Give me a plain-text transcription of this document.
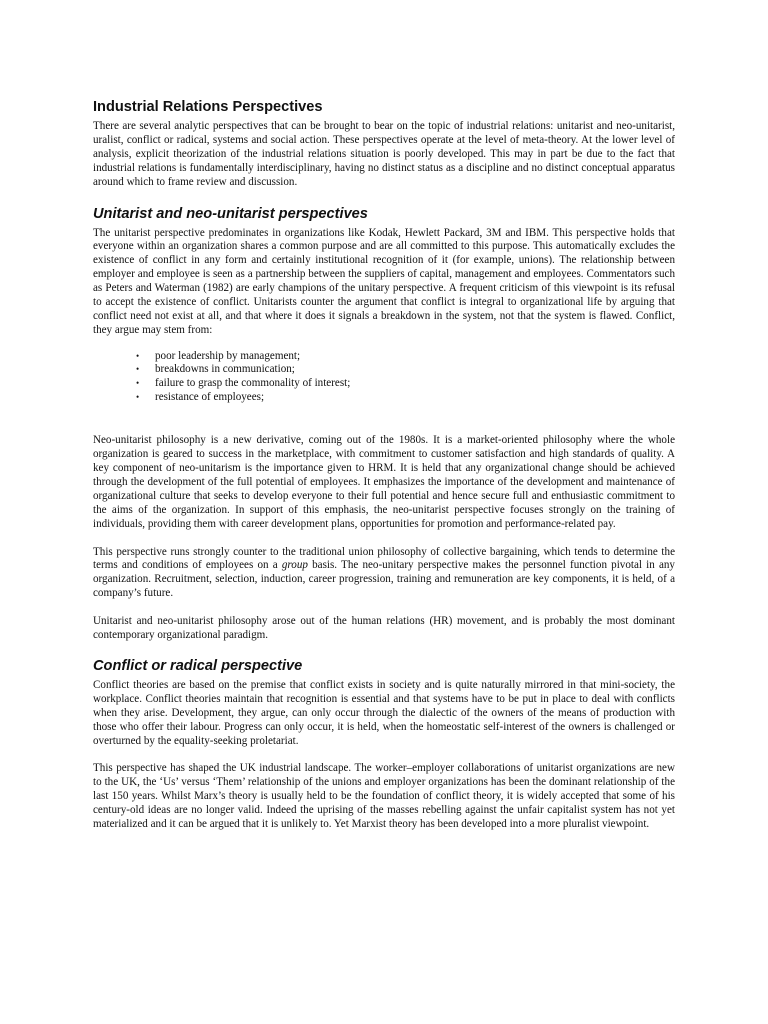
Industrial Relations Perspectives

There are several analytic perspectives that can be brought to bear on the topic of industrial relations: unitarist and neo-unitarist, uralist, conflict or radical, systems and social action. These perspectives operate at the level of meta-theory. At the lower level of analysis, explicit theorization of the industrial relations situation is poorly developed. This may in part be due to the fact that industrial relations is fundamentally interdisciplinary, having no distinct status as a discipline and no distinct conceptual apparatus around which to frame review and discussion.

Unitarist and neo-unitarist perspectives

The unitarist perspective predominates in organizations like Kodak, Hewlett Packard, 3M and IBM. This perspective holds that everyone within an organization shares a common purpose and are all committed to this purpose. This automatically excludes the existence of conflict in any form and certainly institutional recognition of it (for example, unions). The relationship between employer and employee is seen as a partnership between the suppliers of capital, management and employees. Commentators such as Peters and Waterman (1982) are early champions of the unitary perspective. A frequent criticism of this viewpoint is its refusal to accept the existence of conflict. Unitarists counter the argument that conflict is integral to organizational life by arguing that conflict need not exist at all, and that where it does it signals a breakdown in the system, not that the system is flawed. Conflict, they argue may stem from:

• poor leadership by management;
• breakdowns in communication;
• failure to grasp the commonality of interest;
• resistance of employees;

Neo-unitarist philosophy is a new derivative, coming out of the 1980s. It is a market-oriented philosophy where the whole organization is geared to success in the marketplace, with commitment to customer satisfaction and high standards of quality. A key component of neo-unitarism is the importance given to HRM. It is held that any organizational change should be achieved through the development of the full potential of employees. It emphasizes the importance of the development and maintenance of organizational culture that seeks to develop everyone to their full potential and hence secure full and enthusiastic commitment to the aims of the organization. In support of this emphasis, the neo-unitarist perspective focuses strongly on the training of individuals, providing them with career development plans, opportunities for promotion and performance-related pay.

This perspective runs strongly counter to the traditional union philosophy of collective bargaining, which tends to determine the terms and conditions of employees on a group basis. The neo-unitary perspective makes the personnel function pivotal in any organization. Recruitment, selection, induction, career progression, training and remuneration are key components, it is held, of a company’s future.

Unitarist and neo-unitarist philosophy arose out of the human relations (HR) movement, and is probably the most dominant contemporary organizational paradigm.

Conflict or radical perspective

Conflict theories are based on the premise that conflict exists in society and is quite naturally mirrored in that mini-society, the workplace. Conflict theories maintain that recognition is essential and that systems have to be put in place to deal with conflicts when they arise. Development, they argue, can only occur through the dialectic of the owners of the means of production with those who offer their labour. Progress can only occur, it is held, when the homeostatic self-interest of the owners is challenged or overturned by the equality-seeking proletariat.

This perspective has shaped the UK industrial landscape. The worker–employer collaborations of unitarist organizations are new to the UK, the ‘Us’ versus ‘Them’ relationship of the unions and employer organizations has been the dominant relationship of the last 150 years. Whilst Marx’s theory is usually held to be the foundation of conflict theory, it is widely accepted that some of his century-old ideas are no longer valid. Indeed the uprising of the masses rebelling against the unfair capitalist system has not yet materialized and it can be argued that it is unlikely to. Yet Marxist theory has been developed into a more pluralist viewpoint.
